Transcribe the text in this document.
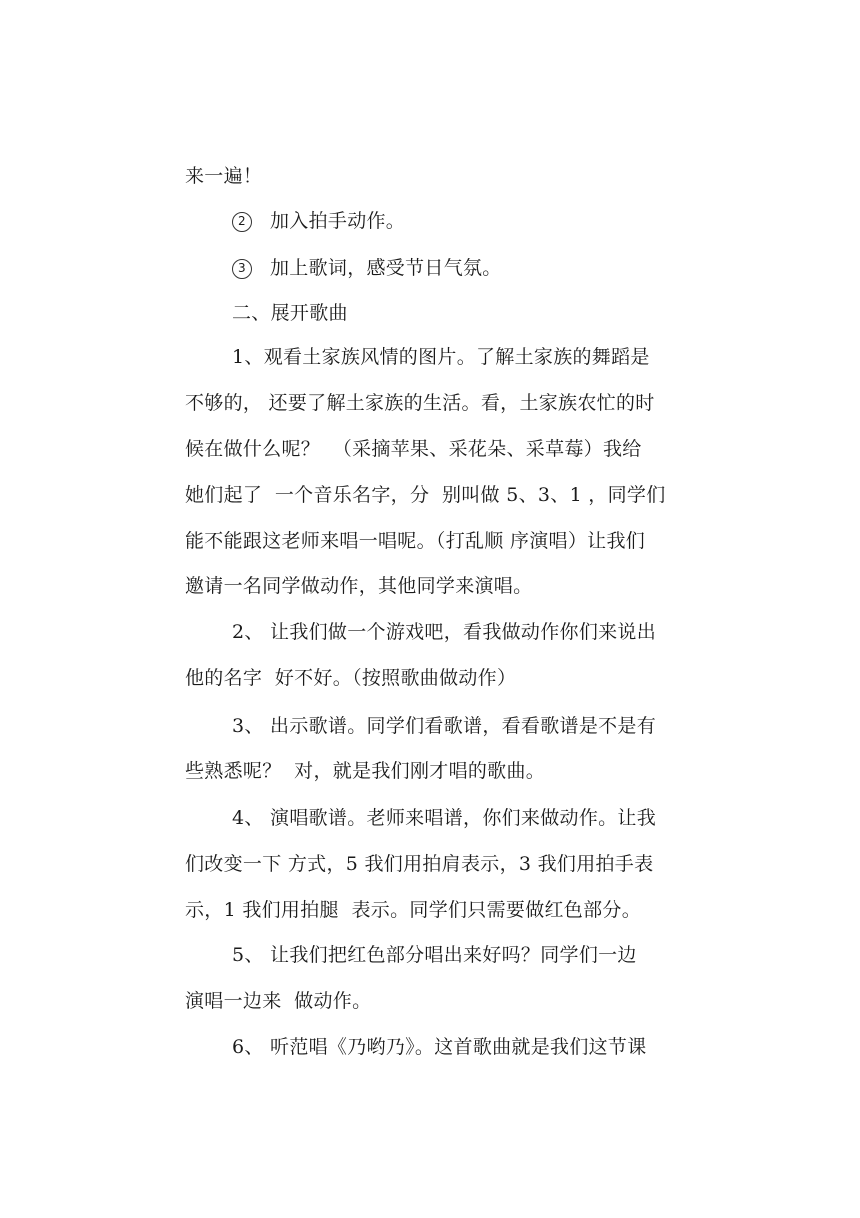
来一遍！
2 加入拍手动作。
3 加上歌词，感受节日气氛。
二、展开歌曲
1、观看土家族风情的图片。了解土家族的舞蹈是
不够的， 还要了解土家族的生活。看，土家族农忙的时
候在做什么呢？  （采摘苹果、采花朵、采草莓）我给
她们起了  一个音乐名字，分  别叫做 5、3、1 ，同学们
能不能跟这老师来唱一唱呢。（打乱顺 序演唱）让我们
邀请一名同学做动作，其他同学来演唱。
2、 让我们做一个游戏吧，看我做动作你们来说出
他的名字  好不好。（按照歌曲做动作）
3、 出示歌谱。同学们看歌谱，看看歌谱是不是有
些熟悉呢？  对，就是我们刚才唱的歌曲。
4、 演唱歌谱。老师来唱谱，你们来做动作。让我
们改变一下 方式，5 我们用拍肩表示，3 我们用拍手表
示，1 我们用拍腿  表示。同学们只需要做红色部分。
5、 让我们把红色部分唱出来好吗？同学们一边
演唱一边来  做动作。
6、 听范唱《乃哟乃》。这首歌曲就是我们这节课
